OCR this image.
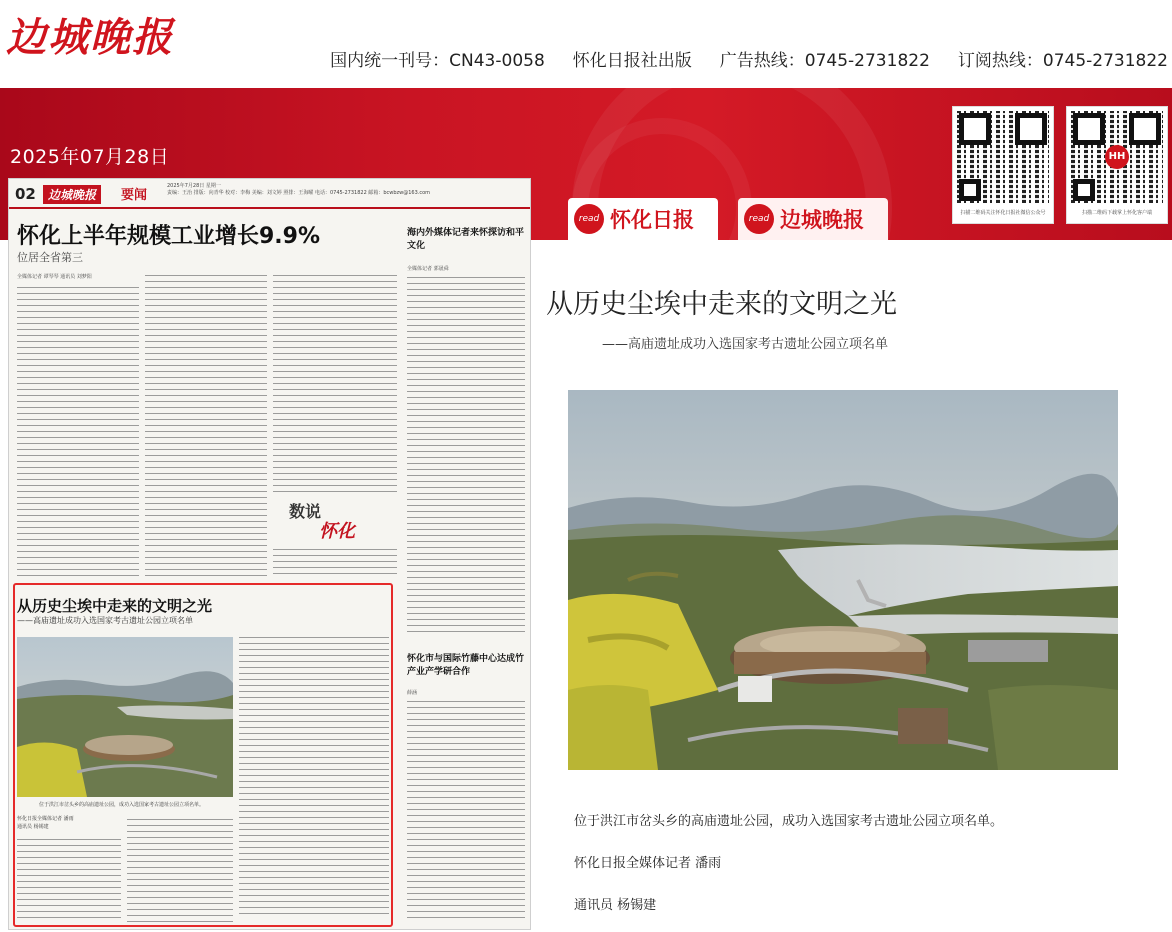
边城晚报	国内统一刊号：CN43-0058 怀化日报社出版 广告热线：0745-2731822 订阅热线：0745-2731822
2025年07月28日
扫描二维码关注怀化日报社微信公众号
HH
扫描二维码下载掌上怀化客户端
read 怀化日报	read 边城晚报
02	边城晚报	要闻
2025年7月28日 星期一
责编：王治 排版：向青华 校对：李梅 美编：刘文婷 照排：王海曜 电话：0745-2731822 邮箱：bcwbzw@163.com
怀化上半年规模工业增长9.9%
位居全省第三
全媒体记者 谭琴琴 通讯员 刘梦阳
海内外媒体记者来怀探访和平文化
全媒体记者 郭晟舜
数说
怀化
从历史尘埃中走来的文明之光
——高庙遗址成功入选国家考古遗址公园立项名单
位于洪江市岔头乡的高庙遗址公园，成功入选国家考古遗址公园立项名单。
怀化日报全媒体记者 潘雨
通讯员 杨锡建
怀化市与国际竹藤中心达成竹产业产学研合作
薛涵
从历史尘埃中走来的文明之光
——高庙遗址成功入选国家考古遗址公园立项名单
位于洪江市岔头乡的高庙遗址公园，成功入选国家考古遗址公园立项名单。
怀化日报全媒体记者 潘雨
通讯员 杨锡建
